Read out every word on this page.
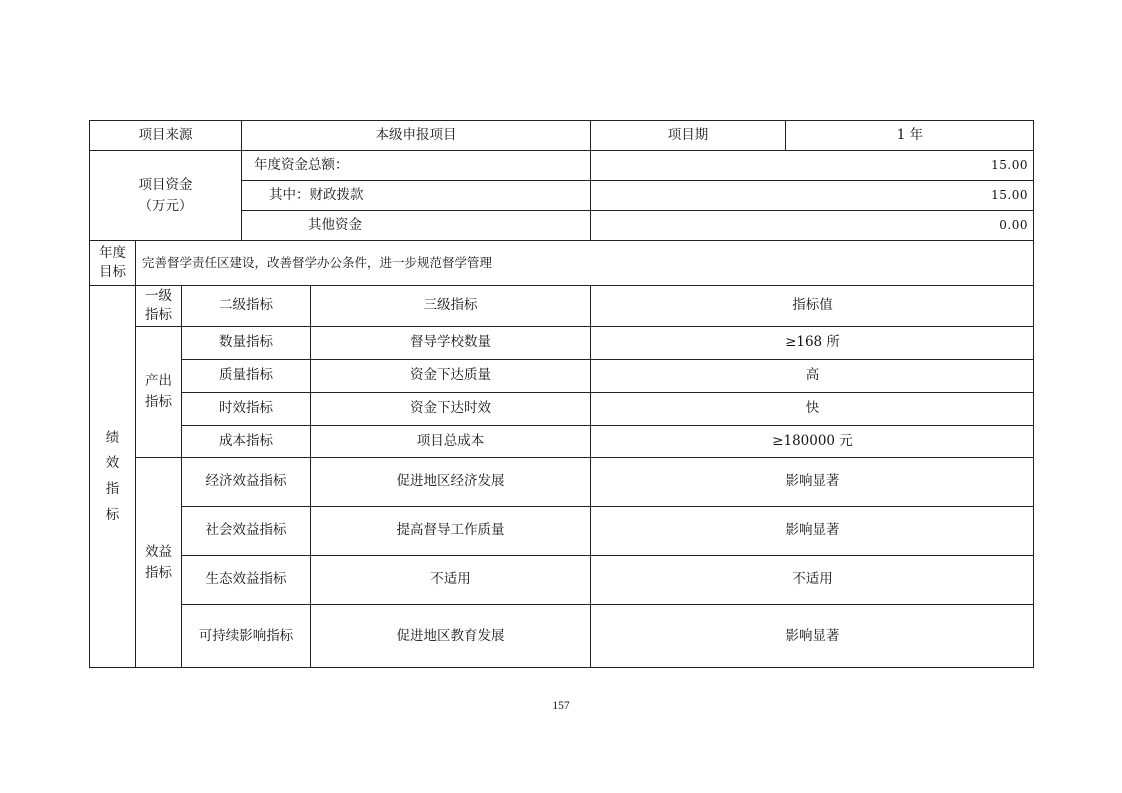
项目来源	本级申报项目	项目期	1 年
项目资金
（万元）
年度资金总额：	15.00
其中：财政拨款	15.00
其他资金	0.00
年度
目标
完善督学责任区建设，改善督学办公条件，进一步规范督学管理
绩
效
指
标
一级
指标
二级指标	三级指标	指标值
产出
指标
数量指标	督导学校数量	≥168 所
质量指标	资金下达质量	高
时效指标	资金下达时效	快
成本指标	项目总成本	≥180000 元
效益
指标
经济效益指标	促进地区经济发展	影响显著
社会效益指标	提高督导工作质量	影响显著
生态效益指标	不适用	不适用
可持续影响指标	促进地区教育发展	影响显著
157
